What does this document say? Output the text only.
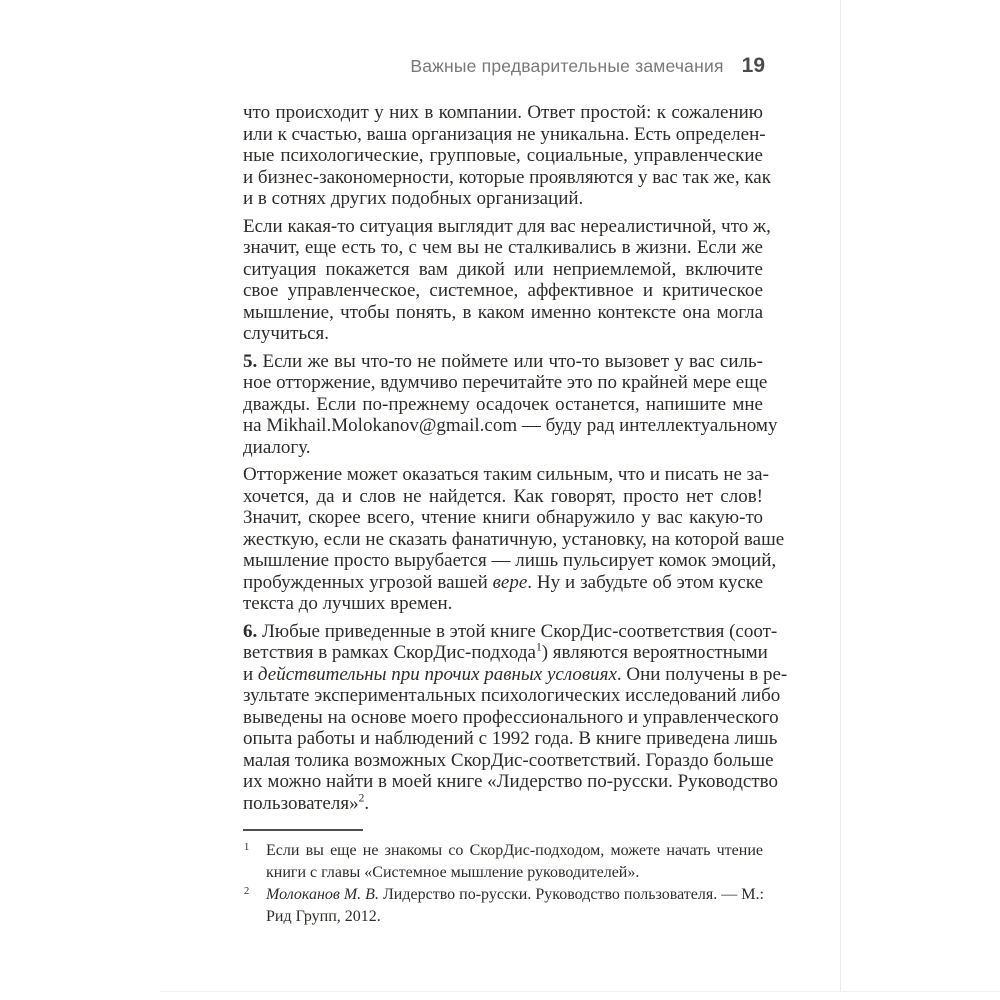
Важные предварительные замечания 19
что происходит у них в компании. Ответ простой: к сожалению
или к счастью, ваша организация не уникальна. Есть определен-
ные психологические, групповые, социальные, управленческие
и бизнес-закономерности, которые проявляются у вас так же, как
и в сотнях других подобных организаций.
Если какая-то ситуация выглядит для вас нереалистичной, что ж,
значит, еще есть то, с чем вы не сталкивались в жизни. Если же
ситуация покажется вам дикой или неприемлемой, включите
свое управленческое, системное, аффективное и критическое
мышление, чтобы понять, в каком именно контексте она могла
случиться.
5. Если же вы что-то не поймете или что-то вызовет у вас силь-
ное отторжение, вдумчиво перечитайте это по крайней мере еще
дважды. Если по-прежнему осадочек останется, напишите мне
на Mikhail.Molokanov@gmail.com — буду рад интеллектуальному
диалогу.
Отторжение может оказаться таким сильным, что и писать не за-
хочется, да и слов не найдется. Как говорят, просто нет слов!
Значит, скорее всего, чтение книги обнаружило у вас какую-то
жесткую, если не сказать фанатичную, установку, на которой ваше
мышление просто вырубается — лишь пульсирует комок эмоций,
пробужденных угрозой вашей вере. Ну и забудьте об этом куске
текста до лучших времен.
6. Любые приведенные в этой книге СкорДис-соответствия (соот-
ветствия в рамках СкорДис-подхода$^1$) являются вероятностными
и действительны при прочих равных условиях. Они получены в ре-
зультате экспериментальных психологических исследований либо
выведены на основе моего профессионального и управленческого
опыта работы и наблюдений с 1992 года. В книге приведена лишь
малая толика возможных СкорДис-соответствий. Гораздо больше
их можно найти в моей книге «Лидерство по-русски. Руководство
пользователя»$^2$.
1 Если вы еще не знакомы со СкорДис-подходом, можете начать чтение
книги с главы «Системное мышление руководителей».
2 Молоканов М. В. Лидерство по-русски. Руководство пользователя. — М.:
Рид Групп, 2012.
